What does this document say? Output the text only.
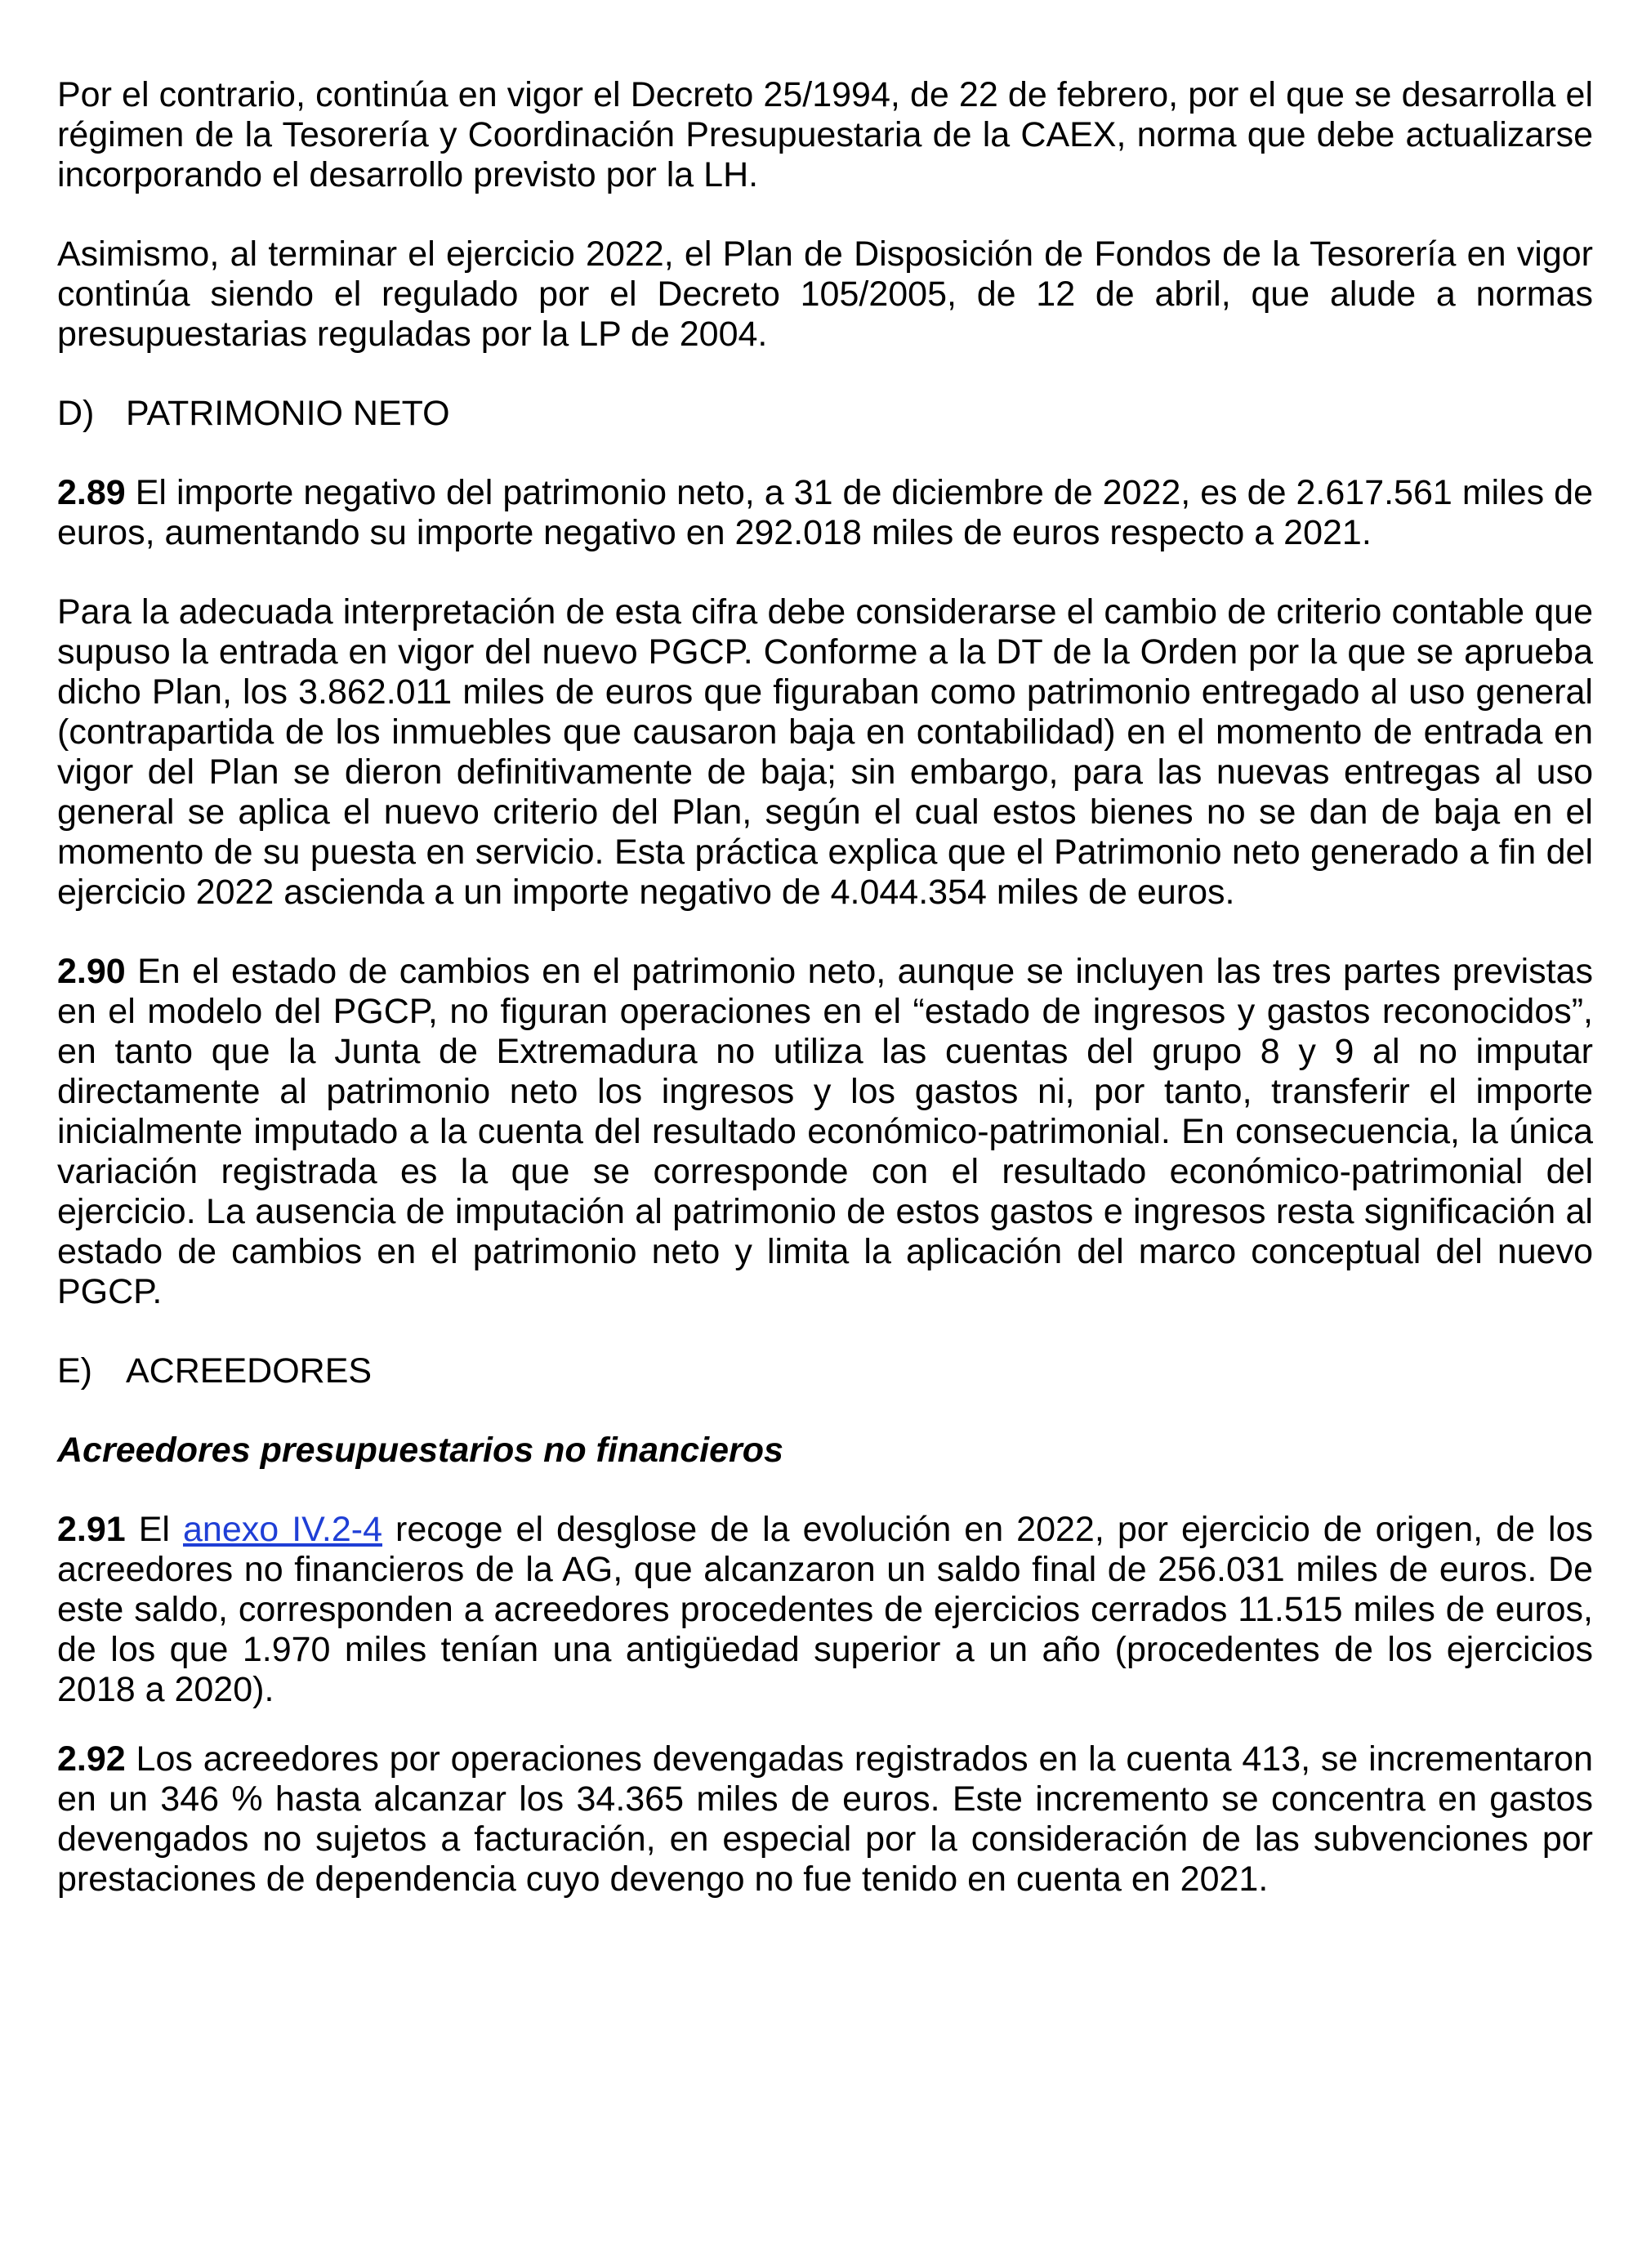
Por el contrario, continúa en vigor el Decreto 25/1994, de 22 de febrero, por el que se desarrolla el régimen de la Tesorería y Coordinación Presupuestaria de la CAEX, norma que debe actualizarse incorporando el desarrollo previsto por la LH.

Asimismo, al terminar el ejercicio 2022, el Plan de Disposición de Fondos de la Tesorería en vigor continúa siendo el regulado por el Decreto 105/2005, de 12 de abril, que alude a normas presupuestarias reguladas por la LP de 2004.

D) PATRIMONIO NETO

2.89 El importe negativo del patrimonio neto, a 31 de diciembre de 2022, es de 2.617.561 miles de euros, aumentando su importe negativo en 292.018 miles de euros respecto a 2021.

Para la adecuada interpretación de esta cifra debe considerarse el cambio de criterio contable que supuso la entrada en vigor del nuevo PGCP. Conforme a la DT de la Orden por la que se aprueba dicho Plan, los 3.862.011 miles de euros que figuraban como patrimonio entregado al uso general (contrapartida de los inmuebles que causaron baja en contabilidad) en el momento de entrada en vigor del Plan se dieron definitivamente de baja; sin embargo, para las nuevas entregas al uso general se aplica el nuevo criterio del Plan, según el cual estos bienes no se dan de baja en el momento de su puesta en servicio. Esta práctica explica que el Patrimonio neto generado a fin del ejercicio 2022 ascienda a un importe negativo de 4.044.354 miles de euros.

2.90 En el estado de cambios en el patrimonio neto, aunque se incluyen las tres partes previstas en el modelo del PGCP, no figuran operaciones en el “estado de ingresos y gastos reconocidos”, en tanto que la Junta de Extremadura no utiliza las cuentas del grupo 8 y 9 al no imputar directamente al patrimonio neto los ingresos y los gastos ni, por tanto, transferir el importe inicialmente imputado a la cuenta del resultado económico-patrimonial. En consecuencia, la única variación registrada es la que se corresponde con el resultado económico-patrimonial del ejercicio. La ausencia de imputación al patrimonio de estos gastos e ingresos resta significación al estado de cambios en el patrimonio neto y limita la aplicación del marco conceptual del nuevo PGCP.

E) ACREEDORES

Acreedores presupuestarios no financieros

2.91 El anexo IV.2-4 recoge el desglose de la evolución en 2022, por ejercicio de origen, de los acreedores no financieros de la AG, que alcanzaron un saldo final de 256.031 miles de euros. De este saldo, corresponden a acreedores procedentes de ejercicios cerrados 11.515 miles de euros, de los que 1.970 miles tenían una antigüedad superior a un año (procedentes de los ejercicios 2018 a 2020).

2.92 Los acreedores por operaciones devengadas registrados en la cuenta 413, se incrementaron en un 346 % hasta alcanzar los 34.365 miles de euros. Este incremento se concentra en gastos devengados no sujetos a facturación, en especial por la consideración de las subvenciones por prestaciones de dependencia cuyo devengo no fue tenido en cuenta en 2021.
